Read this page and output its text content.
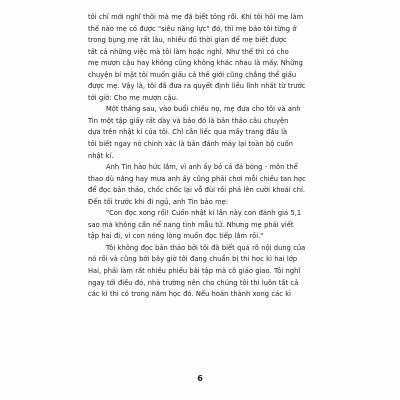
tôi chỉ mới nghĩ thôi mà mẹ đã biết tỏng rồi. Khi tôi hỏi mẹ làm
thế nào mẹ có được "siêu năng lực" đó, thì mẹ bảo tôi từng ở
trong bụng mẹ rất lâu, nhiều đủ thời gian để mẹ biết được
tất cả những việc mà tôi làm hoặc nghĩ. Như thế thì có cho
mẹ mượn cậu hay không cũng không khác nhau là mấy. Những
chuyện bí mật tôi muốn giấu cả thế giới cũng chẳng thể giấu
được mẹ. Vậy là, tôi đã đưa ra quyết định liều lĩnh nhất từ trước
tới giờ: Cho mẹ mượn cậu.
Một tháng sau, vào buổi chiều nọ, mẹ đưa cho tôi và anh
Tin một tập giấy rất dày và bảo đó là bản thảo câu chuyện
dựa trên nhật kí của tôi. Chỉ cần liếc qua mấy trang đầu là
tôi biết ngay nó chính xác là bản đánh máy lại toàn bộ cuốn
nhật kí.
Anh Tin hào hức lắm, vì anh ấy bỏ cả đá bóng - môn thể
thao dù nắng hay mưa anh ấy cũng phải chơi mỗi chiều tan học
để đọc bản thảo, chốc chốc lại vỗ đùi rồi phá lên cười khoái chí.
Đến tối trước khi đi ngủ, anh Tin bảo mẹ:
"Con đọc xong rồi! Cuốn nhật kí lần này con đánh giá 5,1
sao mà không cần nể nang tình mẫu tử. Nhưng mẹ phải viết
tập hai đi, vì con nóng lòng muốn đọc tiếp lắm rồi."
Tôi không đọc bản thảo bởi tôi đã biết quá rõ nội dung của
nó rồi và cũng bởi bây giờ tôi đang chuẩn bị thi học kì hai lớp
Hai, phải làm rất nhiều phiếu bài tập mà cô giáo giao. Tôi nghĩ
ngay tới điều đó, nhà trường nên cho chúng tôi thi luôn tất cả
các kì thi có trong năm học đó. Nếu hoàn thành xong các kì
6
